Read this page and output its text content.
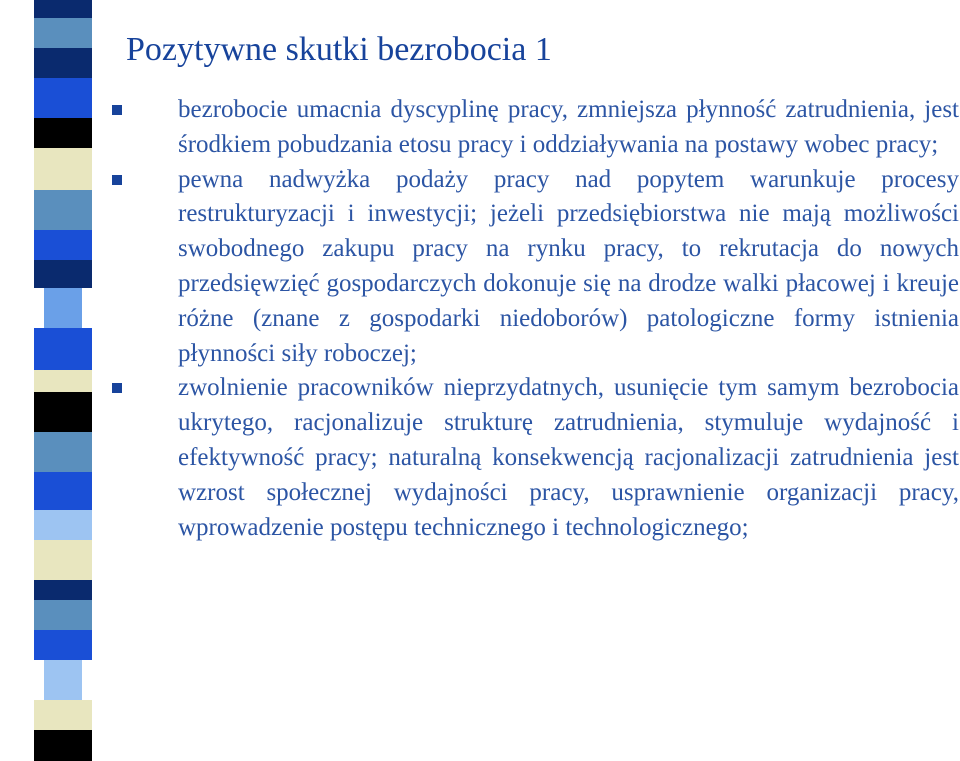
Pozytywne skutki bezrobocia 1
bezrobocie umacnia dyscyplinę pracy, zmniejsza płynność zatrudnienia, jest środkiem pobudzania etosu pracy i oddziaływania na postawy wobec pracy;
pewna nadwyżka podaży pracy nad popytem warunkuje procesy restrukturyzacji i inwestycji; jeżeli przedsiębiorstwa nie mają możliwości swobodnego zakupu pracy na rynku pracy, to rekrutacja do nowych przedsięwzięć gospodarczych dokonuje się na drodze walki płacowej i kreuje różne (znane z gospodarki niedoborów) patologiczne formy istnienia płynności siły roboczej;
zwolnienie pracowników nieprzydatnych, usunięcie tym samym bezrobocia ukrytego, racjonalizuje strukturę zatrudnienia, stymuluje wydajność i efektywność pracy; naturalną konsekwencją racjonalizacji zatrudnienia jest wzrost społecznej wydajności pracy, usprawnienie organizacji pracy, wprowadzenie postępu technicznego i technologicznego;
